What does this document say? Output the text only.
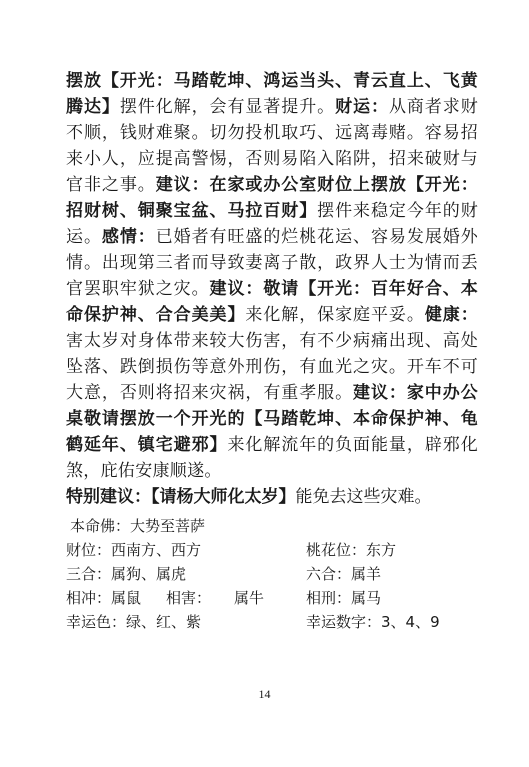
摆放【开光：马踏乾坤、鸿运当头、青云直上、飞黄腾达】摆件化解，会有显著提升。财运：从商者求财不顺，钱财难聚。切勿投机取巧、远离毒赌。容易招来小人，应提高警惕，否则易陷入陷阱，招来破财与官非之事。建议：在家或办公室财位上摆放【开光：招财树、铜聚宝盆、马拉百财】摆件来稳定今年的财运。感情：已婚者有旺盛的烂桃花运、容易发展婚外情。出现第三者而导致妻离子散，政界人士为情而丢官罢职牢狱之灾。建议：敬请【开光：百年好合、本命保护神、合合美美】来化解，保家庭平妥。健康：害太岁对身体带来较大伤害，有不少病痛出现、高处坠落、跌倒损伤等意外刑伤，有血光之灾。开车不可大意，否则将招来灾祸，有重孝服。建议：家中办公桌敬请摆放一个开光的【马踏乾坤、本命保护神、龟鹤延年、镇宅避邪】来化解流年的负面能量，辟邪化煞，庇佑安康顺遂。

特别建议：【请杨大师化太岁】能免去这些灾难。

本命佛：大势至菩萨
财位：西南方、西方	桃花位：东方
三合：属狗、属虎	六合：属羊
相冲：属鼠	相害：	属牛	相刑：属马
幸运色：绿、红、紫	幸运数字：3、4、9
14
